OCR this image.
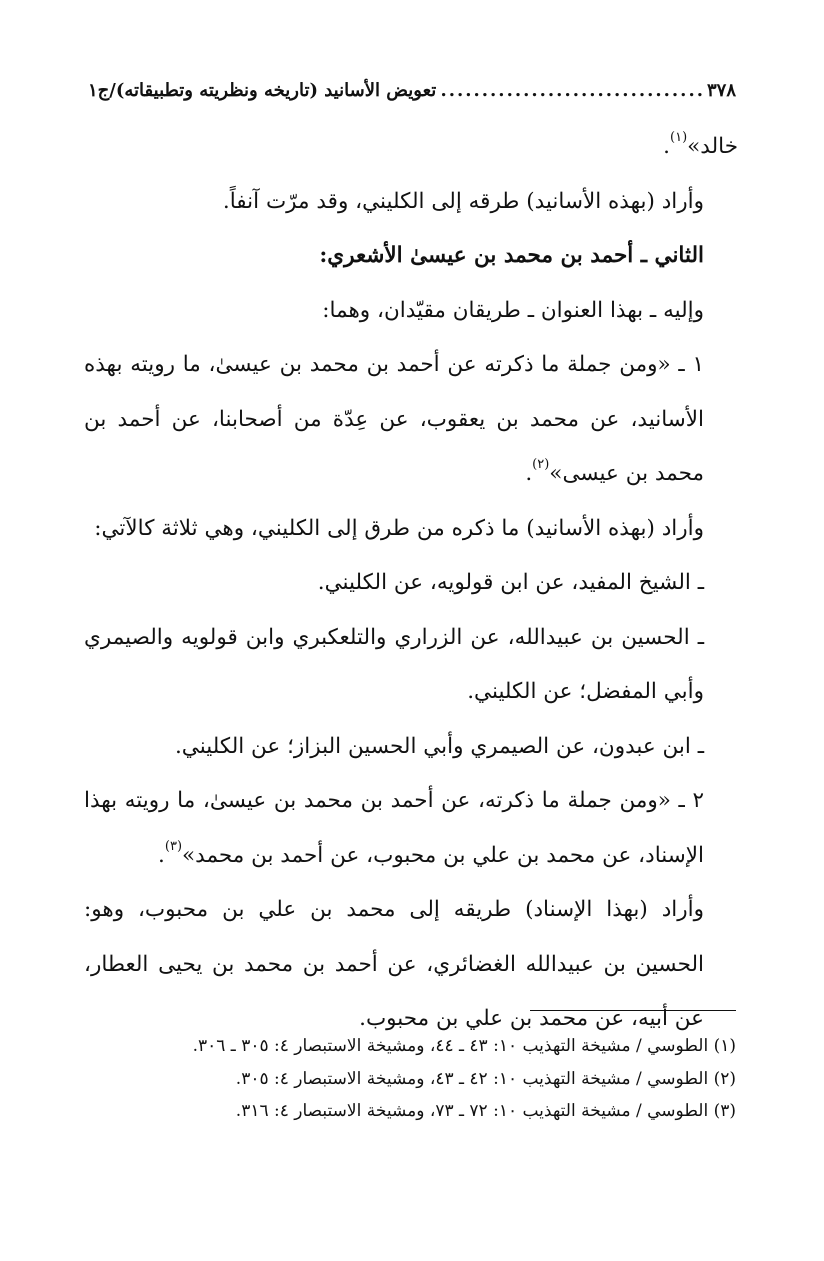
٣٧٨
.....
تعويض الأسانيد (تاريخه ونظريته وتطبيقاته)/ج١

خالد»$^{(١)}$.

وأراد (بهذه الأسانيد) طرقه إلى الكليني، وقد مرّت آنفاً.

الثاني ـ أحمد بن محمد بن عيسىٰ الأشعري:

وإليه ـ بهذا العنوان ـ طريقان مقيّدان، وهما:

١ ـ «ومن جملة ما ذكرته عن أحمد بن محمد بن عيسىٰ، ما رويته بهذه الأسانيد، عن محمد بن يعقوب، عن عِدّة من أصحابنا، عن أحمد بن محمد بن عيسى»$^{(٢)}$.

وأراد (بهذه الأسانيد) ما ذكره من طرق إلى الكليني، وهي ثلاثة كالآتي:

ـ الشيخ المفيد، عن ابن قولويه، عن الكليني.

ـ الحسين بن عبيدالله، عن الزراري والتلعكبري وابن قولويه والصيمري وأبي المفضل؛ عن الكليني.

ـ ابن عبدون، عن الصيمري وأبي الحسين البزاز؛ عن الكليني.

٢ ـ «ومن جملة ما ذكرته، عن أحمد بن محمد بن عيسىٰ، ما رويته بهذا الإسناد، عن محمد بن علي بن محبوب، عن أحمد بن محمد»$^{(٣)}$.

وأراد (بهذا الإسناد) طريقه إلى محمد بن علي بن محبوب، وهو: الحسين بن عبيدالله الغضائري، عن أحمد بن محمد بن يحيى العطار، عن أبيه، عن محمد بن علي بن محبوب.

(١) الطوسي / مشيخة التهذيب ١٠: ٤٣ ـ ٤٤، ومشيخة الاستبصار ٤: ٣٠٥ ـ ٣٠٦.

(٢) الطوسي / مشيخة التهذيب ١٠: ٤٢ ـ ٤٣، ومشيخة الاستبصار ٤: ٣٠٥.

(٣) الطوسي / مشيخة التهذيب ١٠: ٧٢ ـ ٧٣، ومشيخة الاستبصار ٤: ٣١٦.
